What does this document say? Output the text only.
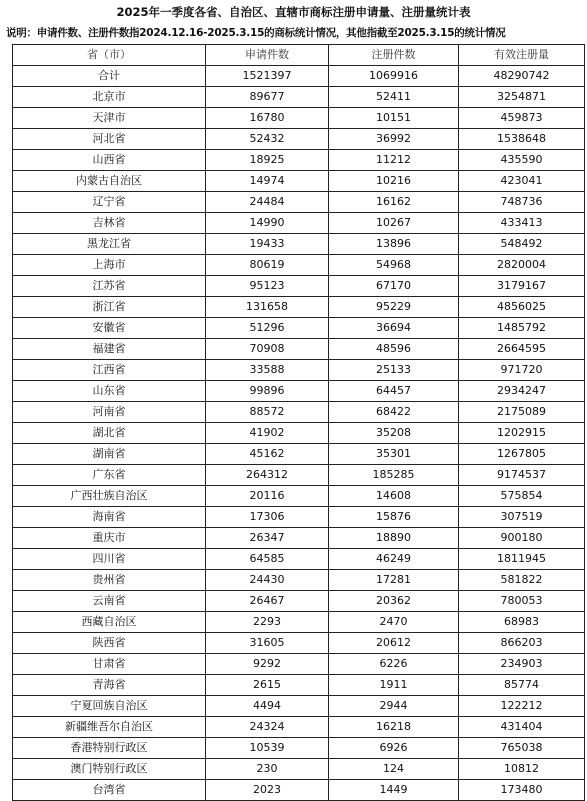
2025年一季度各省、自治区、直辖市商标注册申请量、注册量统计表
说明：申请件数、注册件数指2024.12.16-2025.3.15的商标统计情况，其他指截至2025.3.15的统计情况
省（市）	申请件数	注册件数	有效注册量
合计	1521397	1069916	48290742
北京市	89677	52411	3254871
天津市	16780	10151	459873
河北省	52432	36992	1538648
山西省	18925	11212	435590
内蒙古自治区	14974	10216	423041
辽宁省	24484	16162	748736
吉林省	14990	10267	433413
黑龙江省	19433	13896	548492
上海市	80619	54968	2820004
江苏省	95123	67170	3179167
浙江省	131658	95229	4856025
安徽省	51296	36694	1485792
福建省	70908	48596	2664595
江西省	33588	25133	971720
山东省	99896	64457	2934247
河南省	88572	68422	2175089
湖北省	41902	35208	1202915
湖南省	45162	35301	1267805
广东省	264312	185285	9174537
广西壮族自治区	20116	14608	575854
海南省	17306	15876	307519
重庆市	26347	18890	900180
四川省	64585	46249	1811945
贵州省	24430	17281	581822
云南省	26467	20362	780053
西藏自治区	2293	2470	68983
陕西省	31605	20612	866203
甘肃省	9292	6226	234903
青海省	2615	1911	85774
宁夏回族自治区	4494	2944	122212
新疆维吾尔自治区	24324	16218	431404
香港特别行政区	10539	6926	765038
澳门特别行政区	230	124	10812
台湾省	2023	1449	173480
